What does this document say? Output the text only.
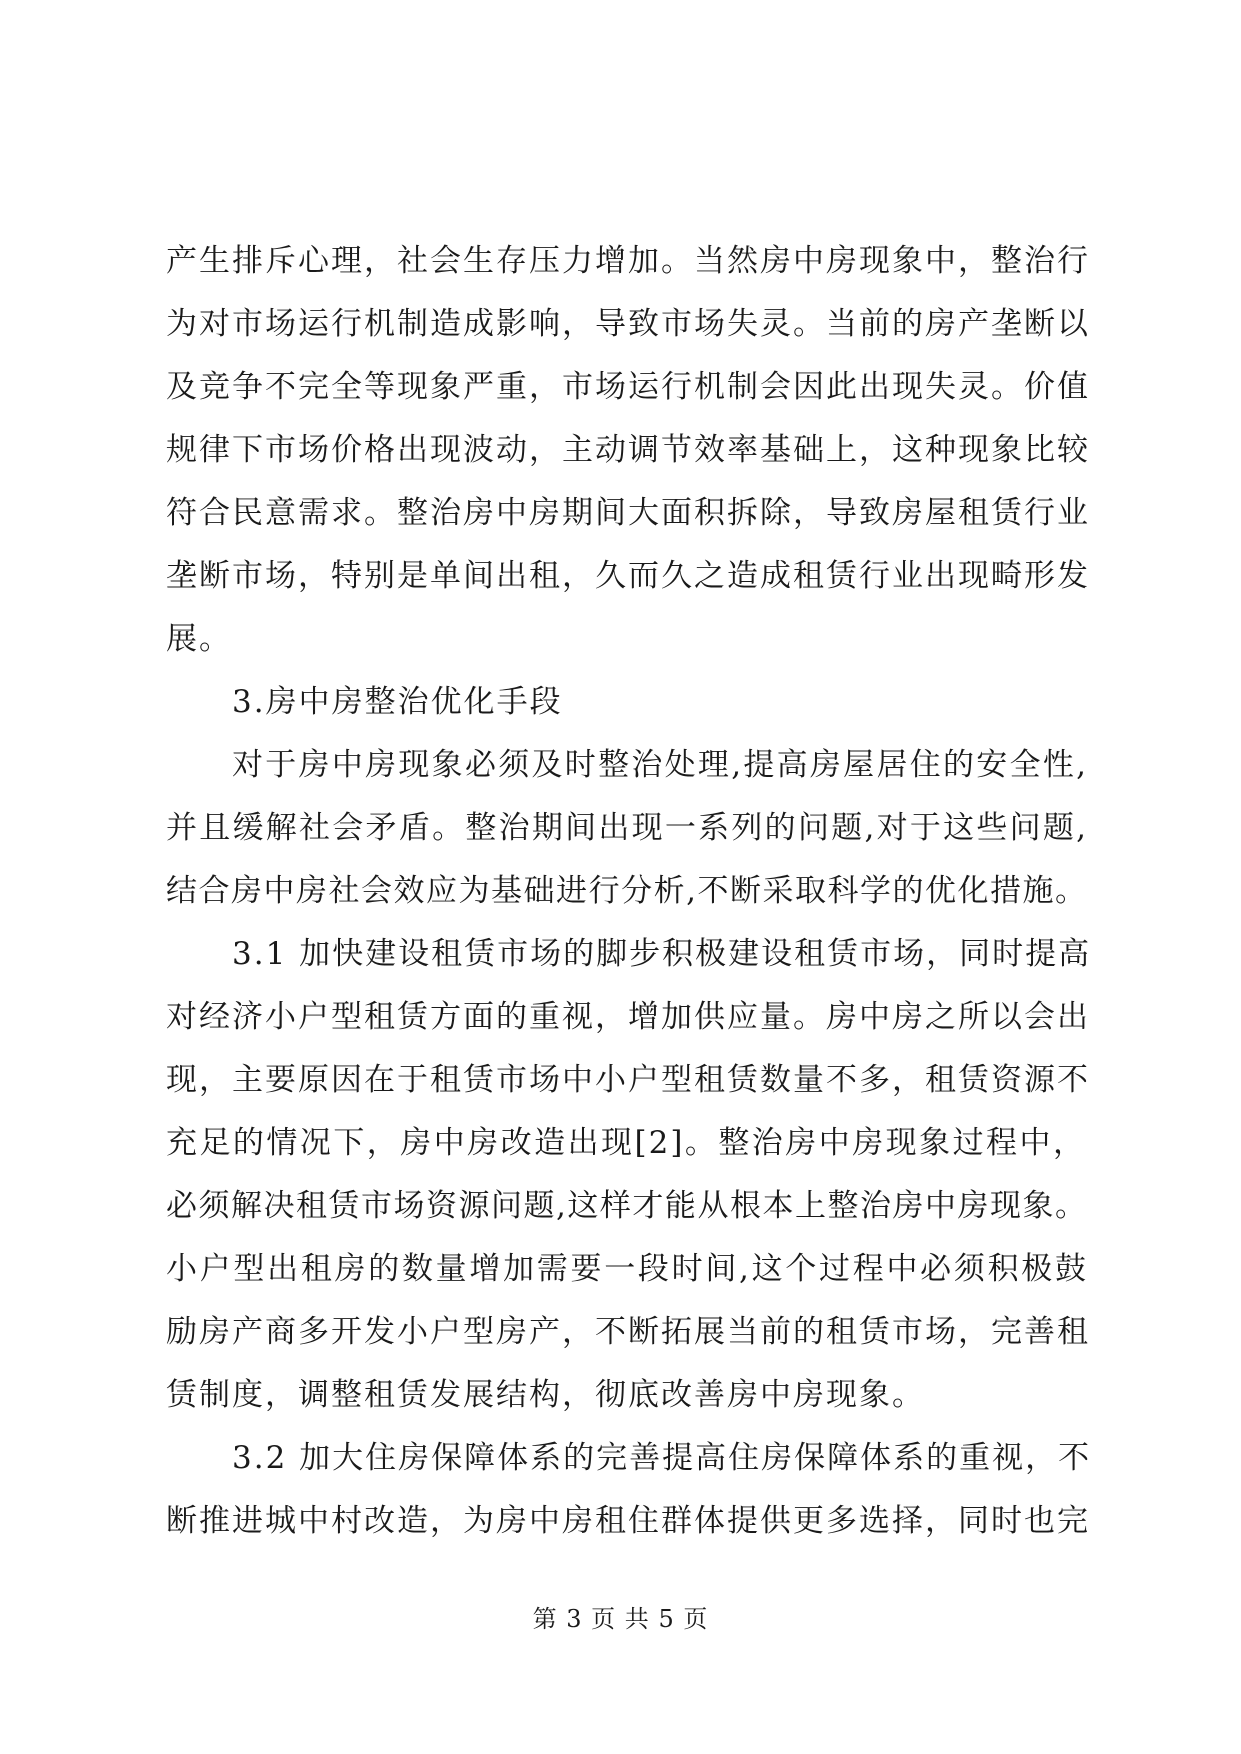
产生排斥心理，社会生存压力增加。当然房中房现象中，整治行
为对市场运行机制造成影响，导致市场失灵。当前的房产垄断以
及竞争不完全等现象严重，市场运行机制会因此出现失灵。价值
规律下市场价格出现波动，主动调节效率基础上，这种现象比较
符合民意需求。整治房中房期间大面积拆除，导致房屋租赁行业
垄断市场，特别是单间出租，久而久之造成租赁行业出现畸形发
展。
3.房中房整治优化手段
对于房中房现象必须及时整治处理,提高房屋居住的安全性,
并且缓解社会矛盾。整治期间出现一系列的问题,对于这些问题,
结合房中房社会效应为基础进行分析,不断采取科学的优化措施。
3.1 加快建设租赁市场的脚步积极建设租赁市场，同时提高
对经济小户型租赁方面的重视，增加供应量。房中房之所以会出
现，主要原因在于租赁市场中小户型租赁数量不多，租赁资源不
充足的情况下，房中房改造出现[2]。整治房中房现象过程中，
必须解决租赁市场资源问题,这样才能从根本上整治房中房现象。
小户型出租房的数量增加需要一段时间,这个过程中必须积极鼓
励房产商多开发小户型房产，不断拓展当前的租赁市场，完善租
赁制度，调整租赁发展结构，彻底改善房中房现象。
3.2 加大住房保障体系的完善提高住房保障体系的重视，不
断推进城中村改造，为房中房租住群体提供更多选择，同时也完
第 3 页 共 5 页
